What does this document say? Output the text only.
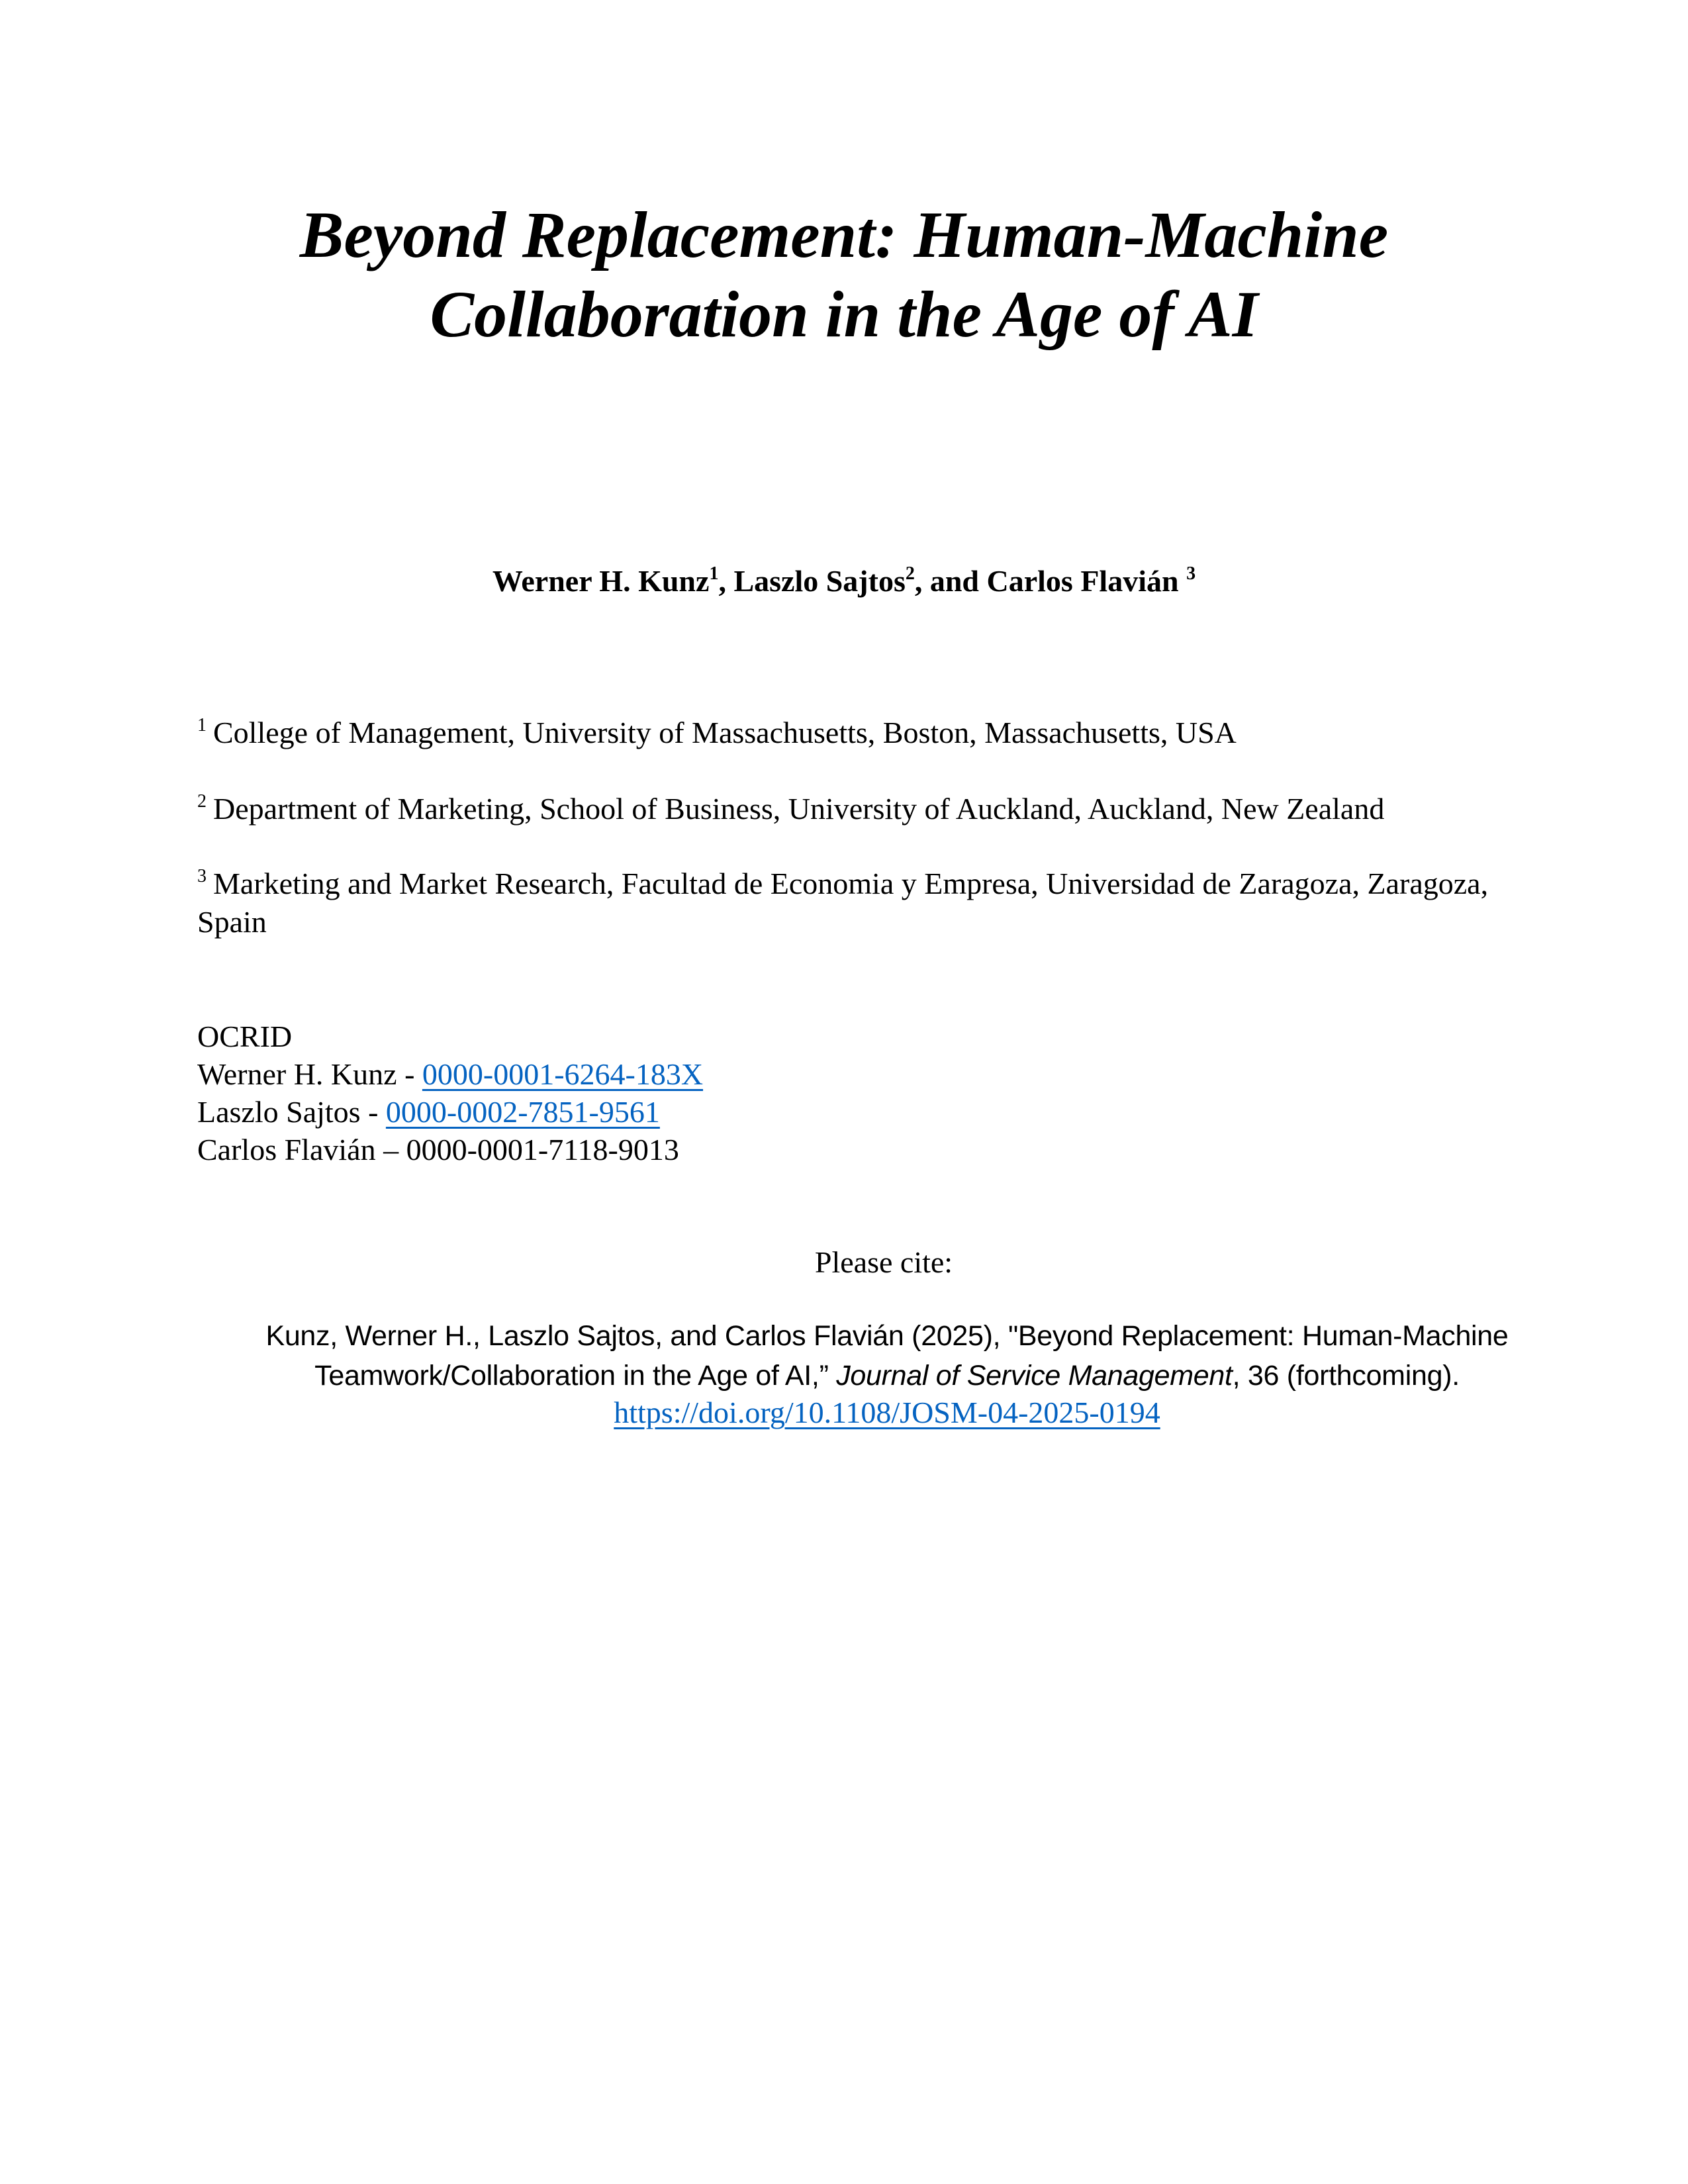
Beyond Replacement: Human-Machine
Collaboration in the Age of AI
Werner H. Kunz$^1$, Laszlo Sajtos$^2$, and Carlos Flavián $^3$
$^1$ College of Management, University of Massachusetts, Boston, Massachusetts, USA
$^2$ Department of Marketing, School of Business, University of Auckland, Auckland, New Zealand
$^3$ Marketing and Market Research, Facultad de Economia y Empresa, Universidad de Zaragoza, Zaragoza, Spain
OCRID
Werner H. Kunz - 0000-0001-6264-183X
Laszlo Sajtos - 0000-0002-7851-9561
Carlos Flavián – 0000-0001-7118-9013
Please cite:
Kunz, Werner H., Laszlo Sajtos, and Carlos Flavián (2025), "Beyond Replacement: Human-Machine Teamwork/Collaboration in the Age of AI,” Journal of Service Management, 36 (forthcoming).
https://doi.org/10.1108/JOSM-04-2025-0194
